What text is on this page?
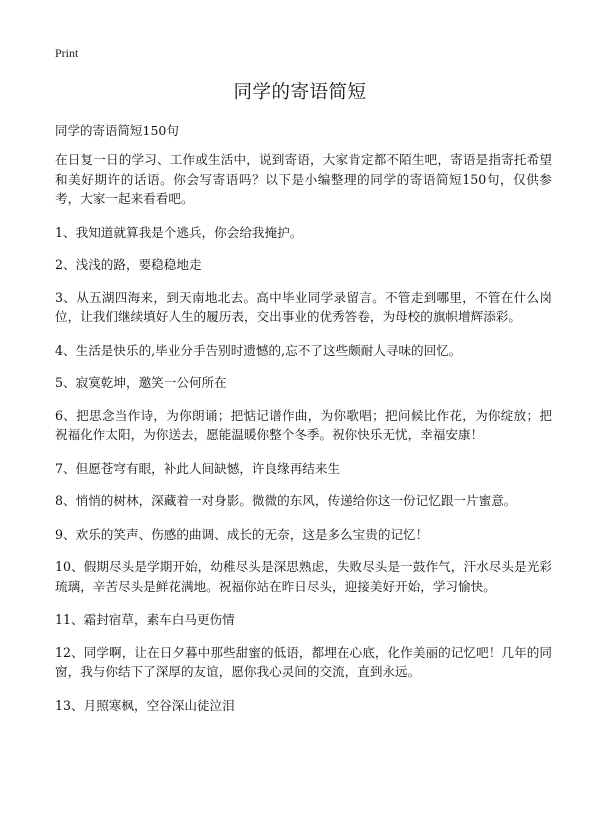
Print
同学的寄语简短

同学的寄语简短150句

在日复一日的学习、工作或生活中，说到寄语，大家肯定都不陌生吧，寄语是指寄托希望和美好期许的话语。你会写寄语吗？以下是小编整理的同学的寄语简短150句，仅供参考，大家一起来看看吧。

1、我知道就算我是个逃兵，你会给我掩护。

2、浅浅的路，要稳稳地走

3、从五湖四海来，到天南地北去。高中毕业同学录留言。不管走到哪里，不管在什么岗位，让我们继续填好人生的履历表，交出事业的优秀答卷，为母校的旗帜增辉添彩。

4、生活是快乐的,毕业分手告别时遗憾的,忘不了这些颇耐人寻味的回忆。

5、寂寞乾坤，邀笑一公何所在

6、把思念当作诗，为你朗诵；把惦记谱作曲，为你歌唱；把问候比作花，为你绽放；把祝福化作太阳，为你送去，愿能温暖你整个冬季。祝你快乐无忧，幸福安康！

7、但愿苍穹有眼，补此人间缺憾，许良缘再结来生

8、悄悄的树林，深藏着一对身影。微微的东风，传递给你这一份记忆跟一片蜜意。

9、欢乐的笑声、伤感的曲调、成长的无奈，这是多么宝贵的记忆！

10、假期尽头是学期开始，幼稚尽头是深思熟虑，失败尽头是一鼓作气，汗水尽头是光彩琉璃，辛苦尽头是鲜花满地。祝福你站在昨日尽头，迎接美好开始，学习愉快。

11、霜封宿草，素车白马更伤情

12、同学啊，让在日夕暮中那些甜蜜的低语，都埋在心底，化作美丽的记忆吧！几年的同窗，我与你结下了深厚的友谊，愿你我心灵间的交流，直到永远。

13、月照寒枫，空谷深山徒泣泪
